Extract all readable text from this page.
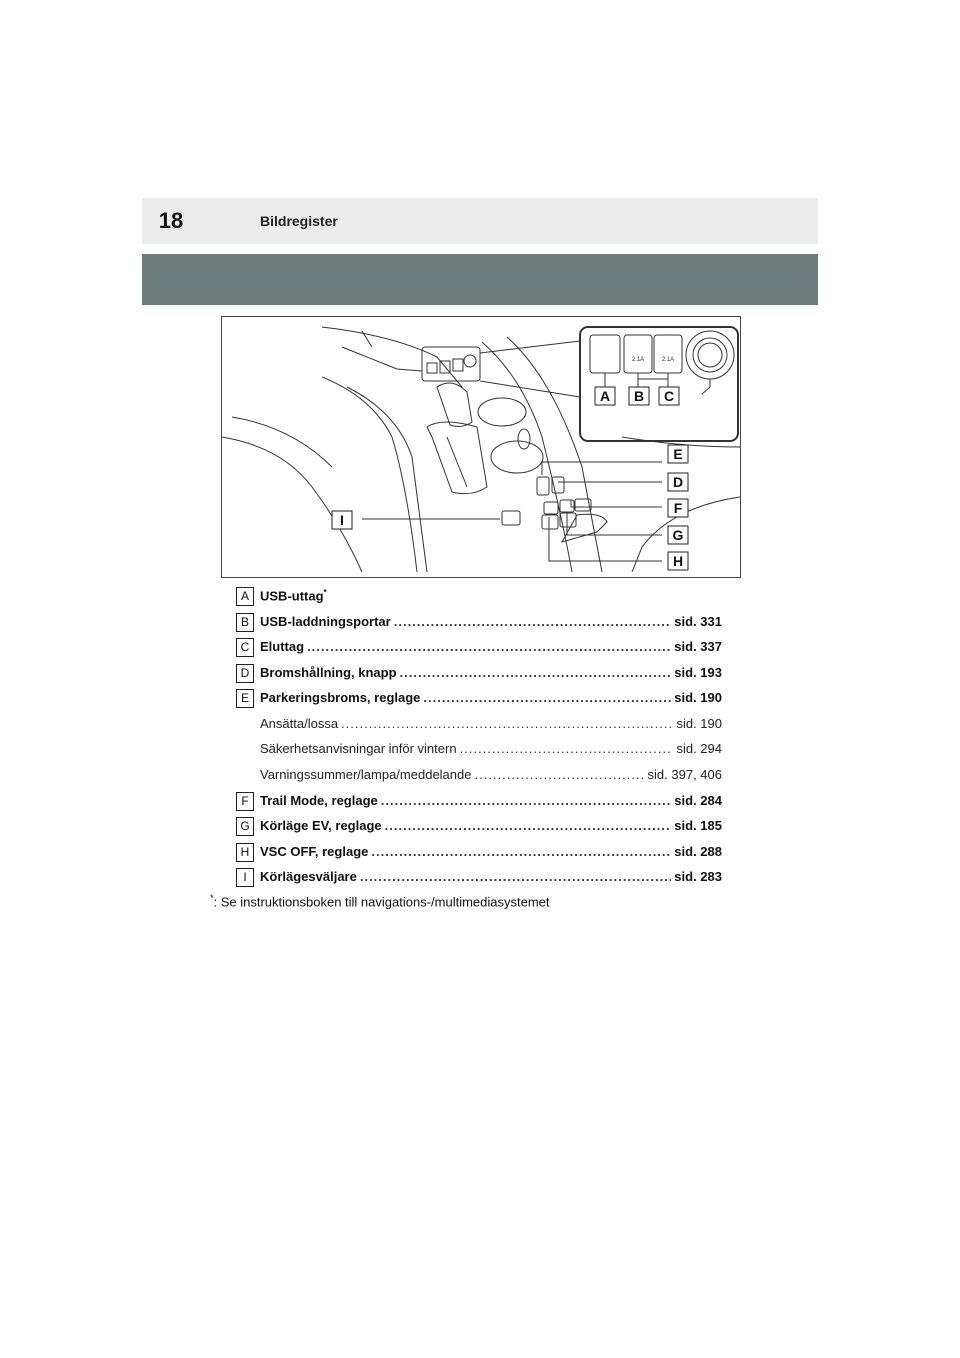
18	Bildregister
A B C
D
E
F
G
H
I
2.1A	2.1A
A USB-uttag*
B USB-laddningsportar .....	sid. 331
C Eluttag .....	sid. 337
D Bromshållning, knapp .....	sid. 193
E Parkeringsbroms, reglage .....	sid. 190
Ansätta/lossa .....	sid. 190
Säkerhetsanvisningar inför vintern .....	sid. 294
Varningssummer/lampa/meddelande .....	sid. 397, 406
F Trail Mode, reglage .....	sid. 284
G Körläge EV, reglage .....	sid. 185
H VSC OFF, reglage .....	sid. 288
I	Körlägesväljare .....	sid. 283
*: Se instruktionsboken till navigations-/multimediasystemet
